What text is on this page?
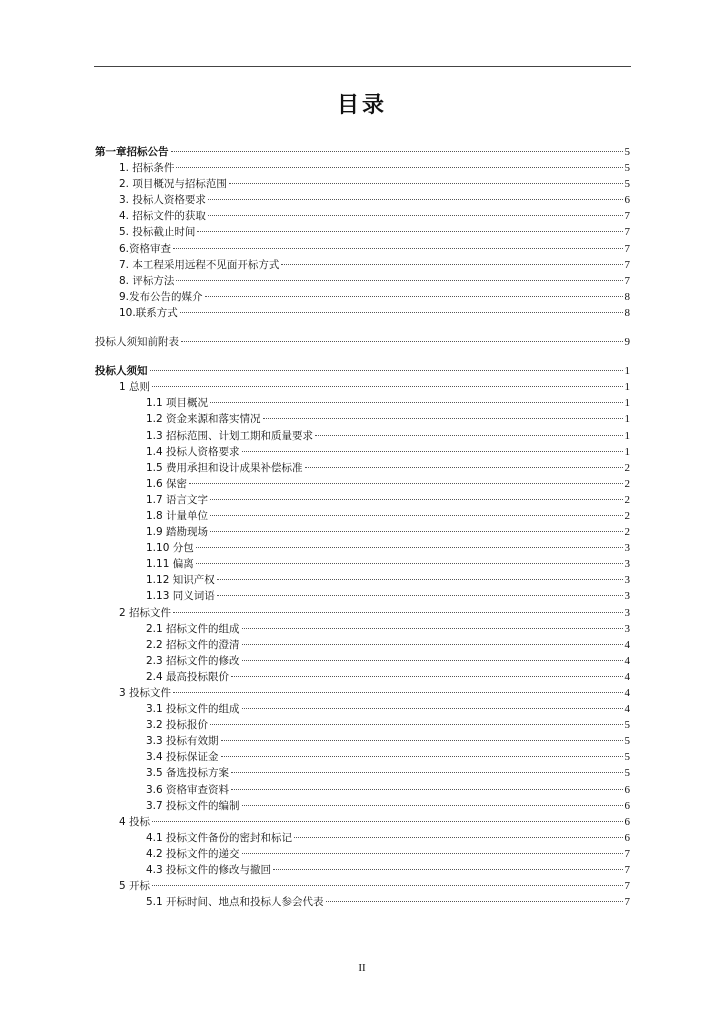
目录
第一章招标公告	5
1. 招标条件	5
2. 项目概况与招标范围	5
3. 投标人资格要求	6
4. 招标文件的获取	7
5. 投标截止时间	7
6.资格审查	7
7. 本工程采用远程不见面开标方式	7
8. 评标方法	7
9.发布公告的媒介	8
10.联系方式	8
投标人须知前附表	9
投标人须知	1
1 总则	1
1.1 项目概况	1
1.2 资金来源和落实情况	1
1.3 招标范围、计划工期和质量要求	1
1.4 投标人资格要求	1
1.5 费用承担和设计成果补偿标准	2
1.6 保密	2
1.7 语言文字	2
1.8 计量单位	2
1.9 踏勘现场	2
1.10 分包	3
1.11 偏离	3
1.12 知识产权	3
1.13 同义词语	3
2 招标文件	3
2.1 招标文件的组成	3
2.2 招标文件的澄清	4
2.3 招标文件的修改	4
2.4 最高投标限价	4
3 投标文件	4
3.1 投标文件的组成	4
3.2 投标报价	5
3.3 投标有效期	5
3.4 投标保证金	5
3.5 备选投标方案	5
3.6 资格审查资料	6
3.7 投标文件的编制	6
4 投标	6
4.1 投标文件备份的密封和标记	6
4.2 投标文件的递交	7
4.3 投标文件的修改与撤回	7
5 开标	7
5.1 开标时间、地点和投标人参会代表	7
II
